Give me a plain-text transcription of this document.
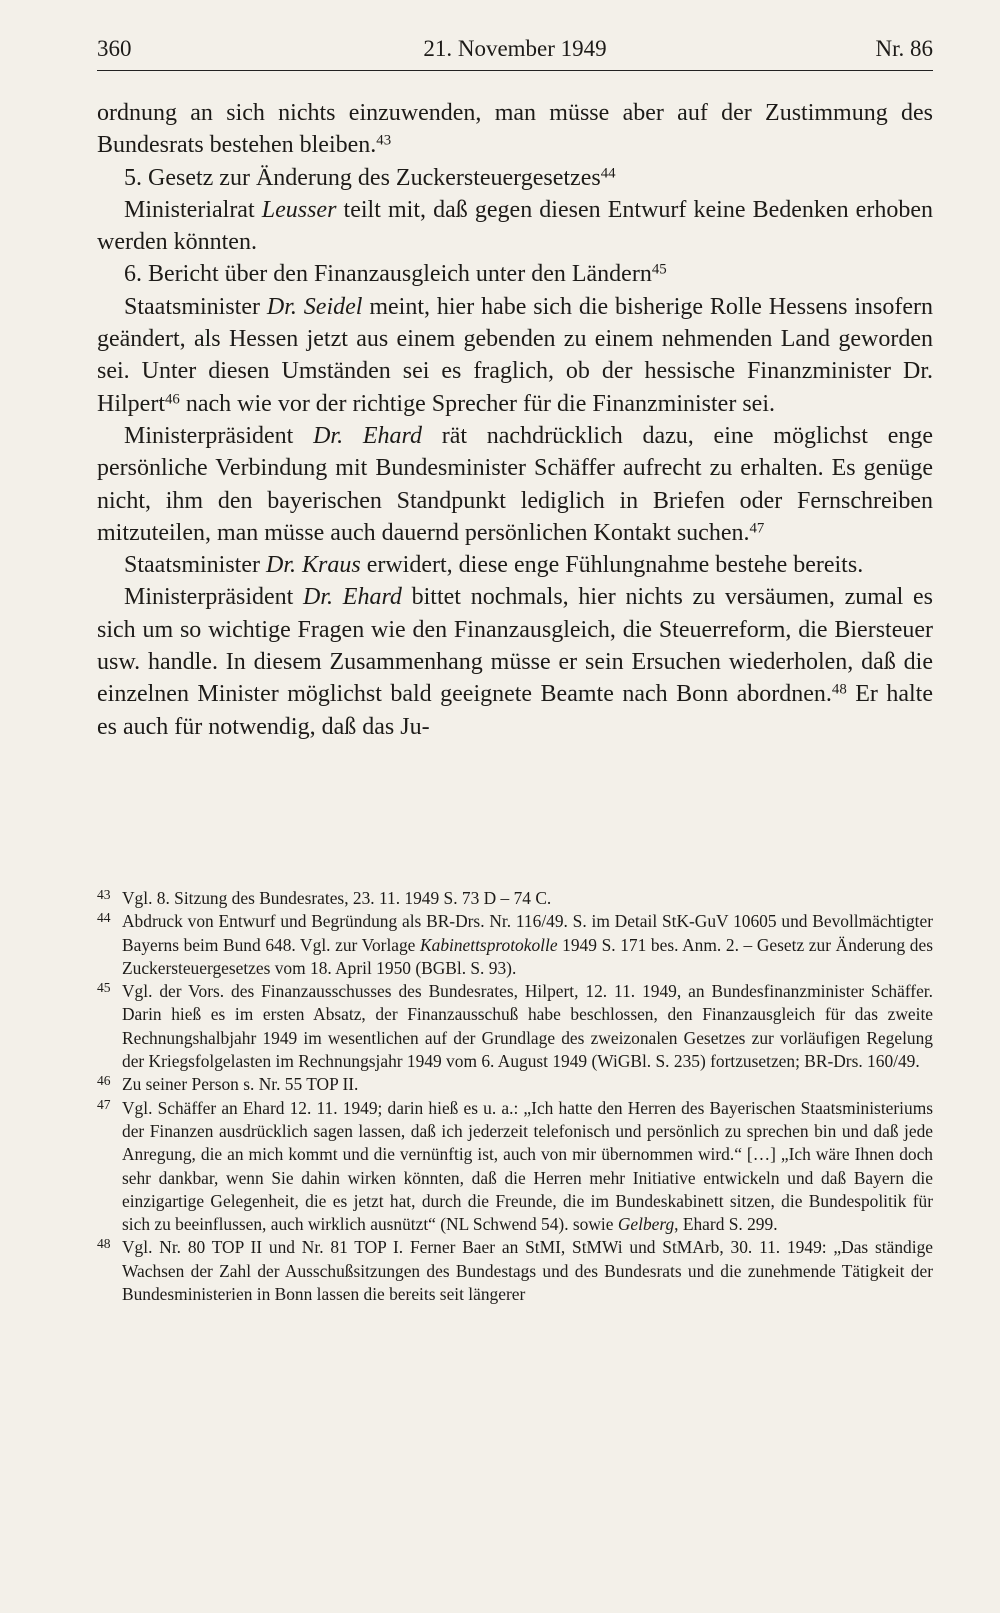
360	21. November 1949	Nr. 86

ordnung an sich nichts einzuwenden, man müsse aber auf der Zustimmung des Bundesrats bestehen bleiben.$^{43}$

5. Gesetz zur Änderung des Zuckersteuergesetzes$^{44}$

Ministerialrat Leusser teilt mit, daß gegen diesen Entwurf keine Bedenken erhoben werden könnten.

6. Bericht über den Finanzausgleich unter den Ländern$^{45}$

Staatsminister Dr. Seidel meint, hier habe sich die bisherige Rolle Hessens insofern geändert, als Hessen jetzt aus einem gebenden zu einem nehmenden Land geworden sei. Unter diesen Umständen sei es fraglich, ob der hessische Finanzminister Dr. Hilpert$^{46}$ nach wie vor der richtige Sprecher für die Finanzminister sei.

Ministerpräsident Dr. Ehard rät nachdrücklich dazu, eine möglichst enge persönliche Verbindung mit Bundesminister Schäffer aufrecht zu erhalten. Es genüge nicht, ihm den bayerischen Standpunkt lediglich in Briefen oder Fernschreiben mitzuteilen, man müsse auch dauernd persönlichen Kontakt suchen.$^{47}$

Staatsminister Dr. Kraus erwidert, diese enge Fühlungnahme bestehe bereits.

Ministerpräsident Dr. Ehard bittet nochmals, hier nichts zu versäumen, zumal es sich um so wichtige Fragen wie den Finanzausgleich, die Steuerreform, die Biersteuer usw. handle. In diesem Zusammenhang müsse er sein Ersuchen wiederholen, daß die einzelnen Minister möglichst bald geeignete Beamte nach Bonn abordnen.$^{48}$ Er halte es auch für notwendig, daß das Ju-

43 Vgl. 8. Sitzung des Bundesrates, 23. 11. 1949 S. 73 D – 74 C.
44 Abdruck von Entwurf und Begründung als BR-Drs. Nr. 116/49. S. im Detail StK-GuV 10605 und Bevollmächtigter Bayerns beim Bund 648. Vgl. zur Vorlage Kabinettsprotokolle 1949 S. 171 bes. Anm. 2. – Gesetz zur Änderung des Zuckersteuergesetzes vom 18. April 1950 (BGBl. S. 93).
45 Vgl. der Vors. des Finanzausschusses des Bundesrates, Hilpert, 12. 11. 1949, an Bundesfinanzminister Schäffer. Darin hieß es im ersten Absatz, der Finanzausschuß habe beschlossen, den Finanzausgleich für das zweite Rechnungshalbjahr 1949 im wesentlichen auf der Grundlage des zweizonalen Gesetzes zur vorläufigen Regelung der Kriegsfolgelasten im Rechnungsjahr 1949 vom 6. August 1949 (WiGBl. S. 235) fortzusetzen; BR-Drs. 160/49.
46 Zu seiner Person s. Nr. 55 TOP II.
47 Vgl. Schäffer an Ehard 12. 11. 1949; darin hieß es u. a.: „Ich hatte den Herren des Bayerischen Staatsministeriums der Finanzen ausdrücklich sagen lassen, daß ich jederzeit telefonisch und persönlich zu sprechen bin und daß jede Anregung, die an mich kommt und die vernünftig ist, auch von mir übernommen wird.“ […] „Ich wäre Ihnen doch sehr dankbar, wenn Sie dahin wirken könnten, daß die Herren mehr Initiative entwickeln und daß Bayern die einzigartige Gelegenheit, die es jetzt hat, durch die Freunde, die im Bundeskabinett sitzen, die Bundespolitik für sich zu beeinflussen, auch wirklich ausnützt“ (NL Schwend 54). sowie Gelberg, Ehard S. 299.
48 Vgl. Nr. 80 TOP II und Nr. 81 TOP I. Ferner Baer an StMI, StMWi und StMArb, 30. 11. 1949: „Das ständige Wachsen der Zahl der Ausschußsitzungen des Bundestags und des Bundesrats und die zunehmende Tätigkeit der Bundesministerien in Bonn lassen die bereits seit längerer
